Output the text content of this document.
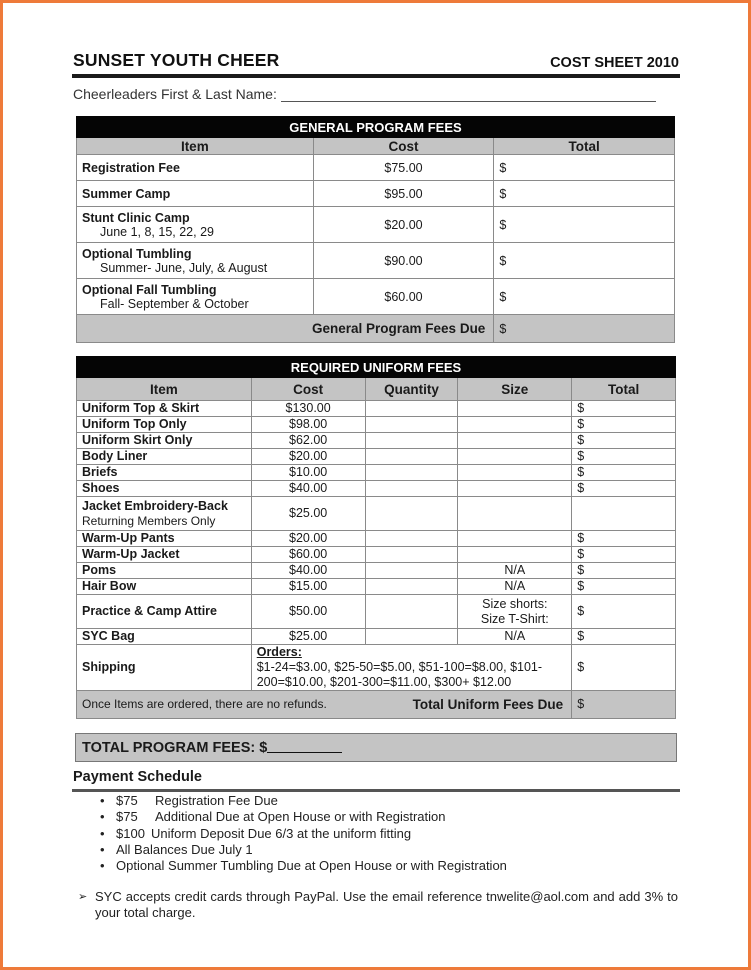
SUNSET YOUTH CHEER	COST SHEET 2010
Cheerleaders First & Last Name:
GENERAL PROGRAM FEES		
Item	Cost	Total
Registration Fee	$75.00	$
Summer Camp	$95.00	$
Stunt Clinic Camp
June 1, 8, 15, 22, 29	$20.00	$
Optional Tumbling
Summer- June, July, & August	$90.00	$
Optional Fall Tumbling
Fall- September & October	$60.00	$
General Program Fees Due		$
REQUIRED UNIFORM FEES				
Item	Cost	Quantity	Size	Total
Uniform Top & Skirt	$130.00			$
Uniform Top Only	$98.00			$
Uniform Skirt Only	$62.00			$
Body Liner	$20.00			$
Briefs	$10.00			$
Shoes	$40.00			$
Jacket Embroidery-Back
Returning Members Only	$25.00			
Warm-Up Pants	$20.00			$
Warm-Up Jacket	$60.00			$
Poms	$40.00		N/A	$
Hair Bow	$15.00		N/A	$
Practice & Camp Attire	$50.00		Size shorts:
Size T-Shirt:	$
SYC Bag	$25.00		N/A	$
Shipping	Orders:
$1-24=$3.00, $25-50=$5.00, $51-100=$8.00, $101-200=$10.00, $201-300=$11.00, $300+ $12.00			$

Once Items are ordered, there are no refunds. Total Uniform Fees Due				$
TOTAL PROGRAM FEES: $
Payment Schedule
• $75	Registration Fee Due
• $75	Additional Due at Open House or with Registration
• $100 Uniform Deposit Due 6/3 at the uniform fitting
• All Balances Due July 1
• Optional Summer Tumbling Due at Open House or with Registration
➢ SYC accepts credit cards through PayPal. Use the email reference tnwelite@aol.com and add 3% to your total charge.
